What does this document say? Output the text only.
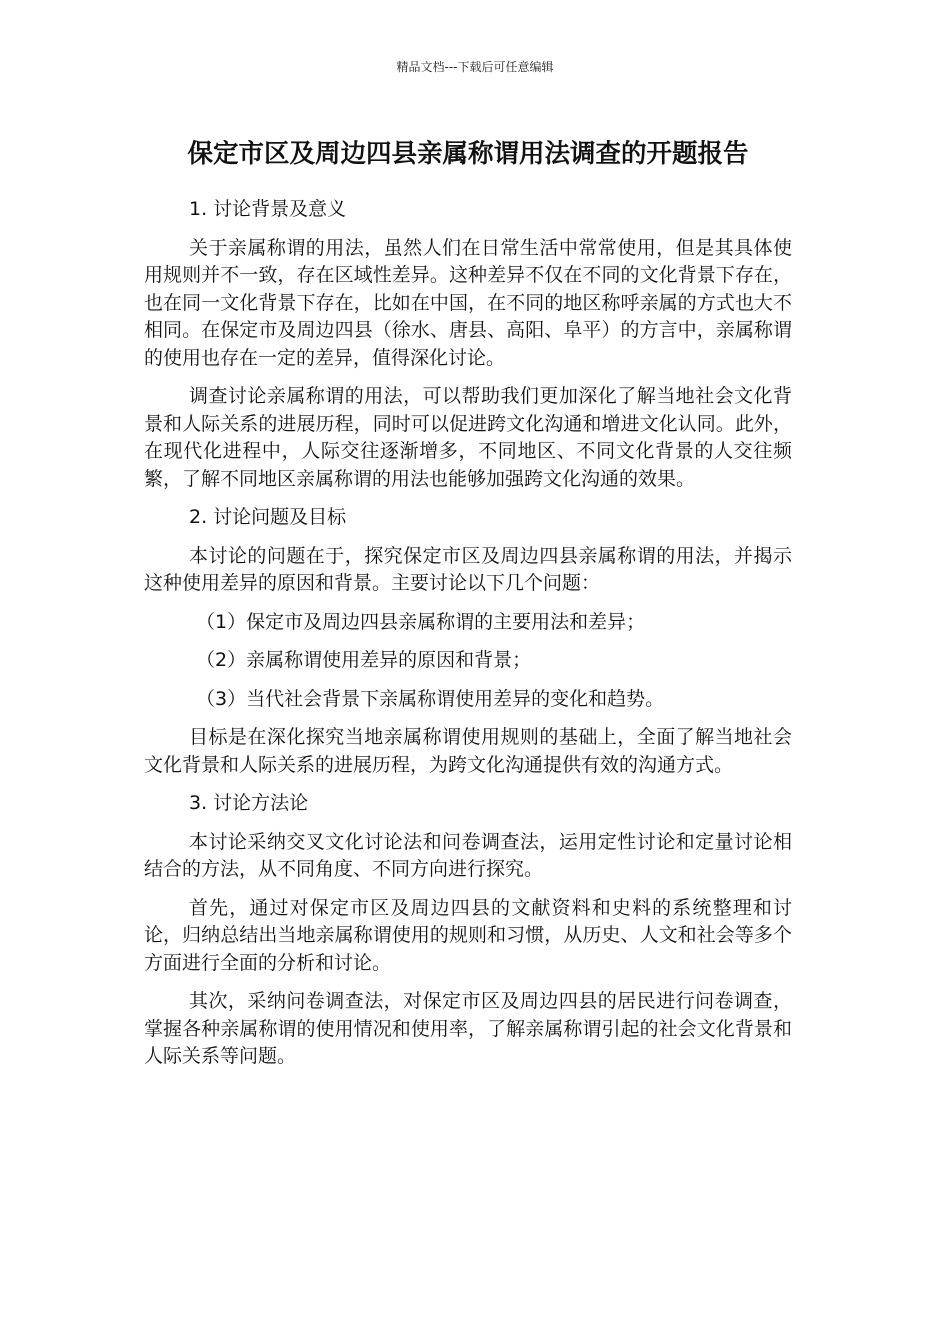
精品文档---下载后可任意编辑
保定市区及周边四县亲属称谓用法调查的开题报告

1. 讨论背景及意义

关于亲属称谓的用法，虽然人们在日常生活中常常使用，但是其具体使用规则并不一致，存在区域性差异。这种差异不仅在不同的文化背景下存在，也在同一文化背景下存在，比如在中国，在不同的地区称呼亲属的方式也大不相同。在保定市及周边四县（徐水、唐县、高阳、阜平）的方言中，亲属称谓的使用也存在一定的差异，值得深化讨论。

调查讨论亲属称谓的用法，可以帮助我们更加深化了解当地社会文化背景和人际关系的进展历程，同时可以促进跨文化沟通和增进文化认同。此外，在现代化进程中，人际交往逐渐增多，不同地区、不同文化背景的人交往频繁，了解不同地区亲属称谓的用法也能够加强跨文化沟通的效果。

2. 讨论问题及目标

本讨论的问题在于，探究保定市区及周边四县亲属称谓的用法，并揭示这种使用差异的原因和背景。主要讨论以下几个问题：

（1）保定市及周边四县亲属称谓的主要用法和差异；

（2）亲属称谓使用差异的原因和背景；

（3）当代社会背景下亲属称谓使用差异的变化和趋势。

目标是在深化探究当地亲属称谓使用规则的基础上，全面了解当地社会文化背景和人际关系的进展历程，为跨文化沟通提供有效的沟通方式。

3. 讨论方法论

本讨论采纳交叉文化讨论法和问卷调查法，运用定性讨论和定量讨论相结合的方法，从不同角度、不同方向进行探究。

首先，通过对保定市区及周边四县的文献资料和史料的系统整理和讨论，归纳总结出当地亲属称谓使用的规则和习惯，从历史、人文和社会等多个方面进行全面的分析和讨论。

其次，采纳问卷调查法，对保定市区及周边四县的居民进行问卷调查，掌握各种亲属称谓的使用情况和使用率，了解亲属称谓引起的社会文化背景和人际关系等问题。
